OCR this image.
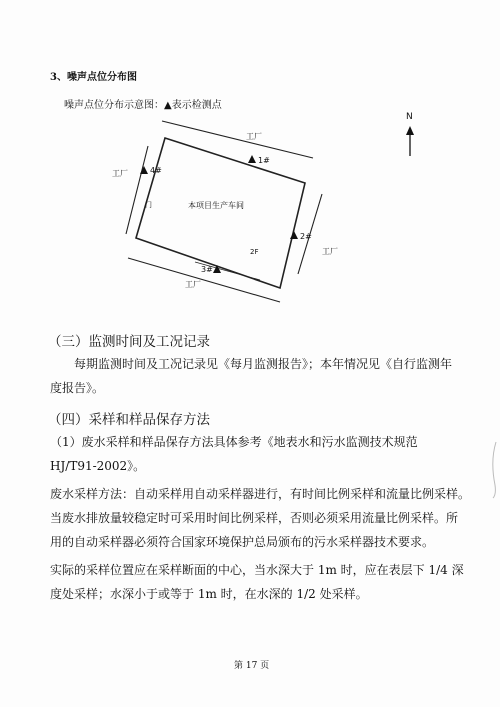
3、噪声点位分布图
噪声点位分布示意图：▲表示检测点
工厂
工厂
工厂
工厂
1#
2#
3#
4#
本项目生产车间
2F
门
N
（三）监测时间及工况记录
每期监测时间及工况记录见《每月监测报告》；本年情况见《自行监测年
度报告》。
（四）采样和样品保存方法
（1）废水采样和样品保存方法具体参考《地表水和污水监测技术规范
HJ/T91-2002》。
废水采样方法：自动采样用自动采样器进行，有时间比例采样和流量比例采样。
当废水排放量较稳定时可采用时间比例采样，否则必须采用流量比例采样。所
用的自动采样器必须符合国家环境保护总局颁布的污水采样器技术要求。
实际的采样位置应在采样断面的中心，当水深大于 1m 时，应在表层下 1/4 深
度处采样；水深小于或等于 1m 时，在水深的 1/2 处采样。
第 17 页
